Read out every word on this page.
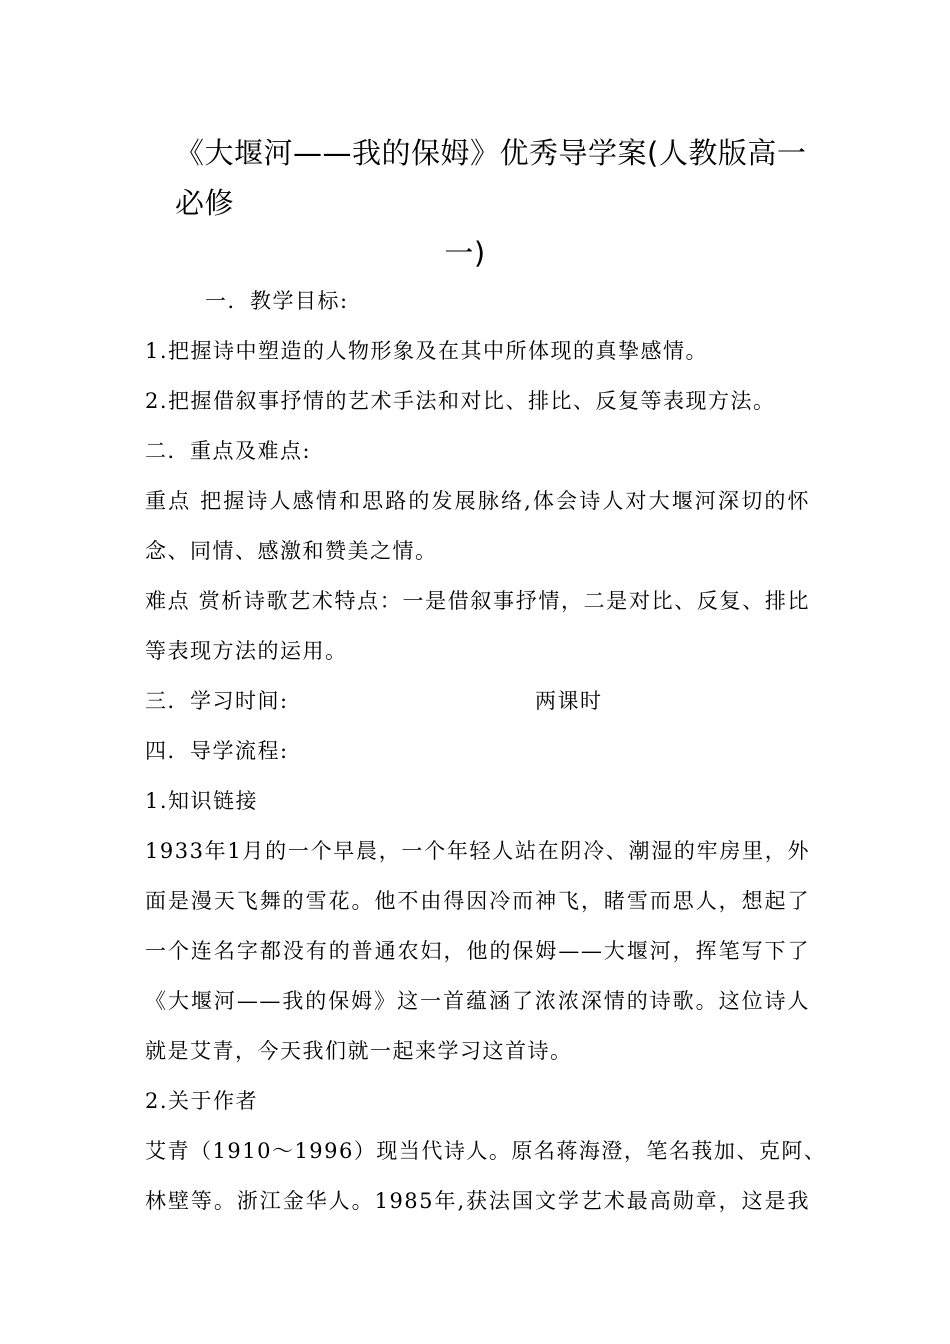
《大堰河——我的保姆》优秀导学案(人教版高一必修
一)
一．教学目标:
1.把握诗中塑造的人物形象及在其中所体现的真挚感情。
2.把握借叙事抒情的艺术手法和对比、排比、反复等表现方法。
二．重点及难点:
重点 把握诗人感情和思路的发展脉络,体会诗人对大堰河深切的怀
念、同情、感激和赞美之情。
难点 赏析诗歌艺术特点：一是借叙事抒情，二是对比、反复、排比
等表现方法的运用。
三．学习时间:	两课时
四．导学流程:
1.知识链接
1933年1月的一个早晨，一个年轻人站在阴冷、潮湿的牢房里，外
面是漫天飞舞的雪花。他不由得因冷而神飞，睹雪而思人，想起了
一个连名字都没有的普通农妇，他的保姆——大堰河，挥笔写下了
《大堰河——我的保姆》这一首蕴涵了浓浓深情的诗歌。这位诗人
就是艾青，今天我们就一起来学习这首诗。
2.关于作者
艾青（1910～1996）现当代诗人。原名蒋海澄，笔名莪加、克阿、
林壁等。浙江金华人。1985年,获法国文学艺术最高勋章，这是我
